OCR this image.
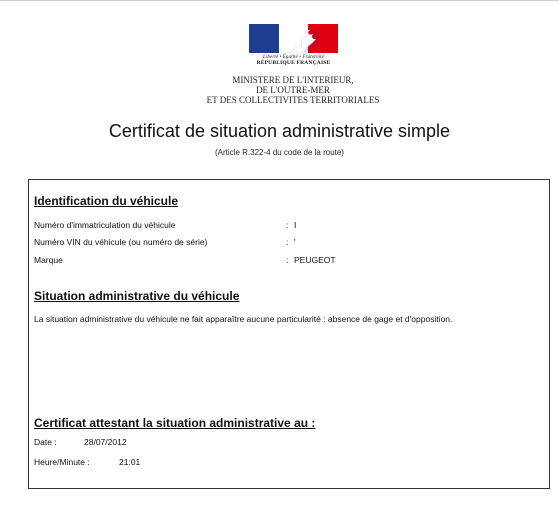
Liberté • Égalité • Fraternité
RÉPUBLIQUE FRANÇAISE
MINISTERE DE L'INTERIEUR,
DE L'OUTRE-MER
ET DES COLLECTIVITES TERRITORIALES
Certificat de situation administrative simple
(Article R.322-4 du code de la route)
Identification du véhicule
Numéro d'immatriculation du véhicule	: I
Numéro VIN du véhicule (ou numéro de série)	: '
Marque	: PEUGEOT
Situation administrative du véhicule
La situation administrative du véhicule ne fait apparaître aucune particularité : absence de gage et d'opposition.
Certificat attestant la situation administrative au :
Date :	28/07/2012
Heure/Minute :	21:01
